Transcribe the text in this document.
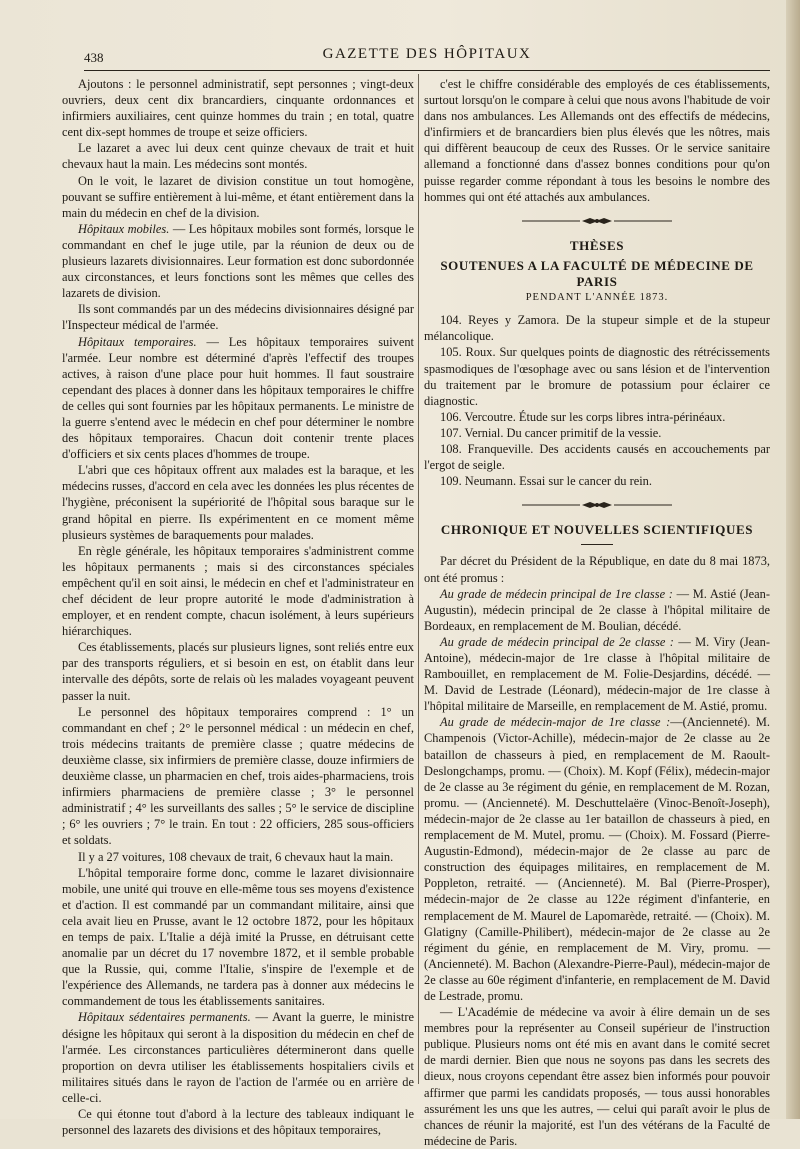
438	GAZETTE DES HÔPITAUX

Ajoutons : le personnel administratif, sept personnes ; vingt-deux ouvriers, deux cent dix brancardiers, cinquante ordonnances et infirmiers auxiliaires, cent quinze hommes du train ; en total, quatre cent dix-sept hommes de troupe et seize officiers.

Le lazaret a avec lui deux cent quinze chevaux de trait et huit chevaux haut la main. Les médecins sont montés.

On le voit, le lazaret de division constitue un tout homogène, pouvant se suffire entièrement à lui-même, et étant entièrement dans la main du médecin en chef de la division.

Hôpitaux mobiles. — Les hôpitaux mobiles sont formés, lorsque le commandant en chef le juge utile, par la réunion de deux ou de plusieurs lazarets divisionnaires. Leur formation est donc subordonnée aux circonstances, et leurs fonctions sont les mêmes que celles des lazarets de division.

Ils sont commandés par un des médecins divisionnaires désigné par l'Inspecteur médical de l'armée.

Hôpitaux temporaires. — Les hôpitaux temporaires suivent l'armée. Leur nombre est déterminé d'après l'effectif des troupes actives, à raison d'une place pour huit hommes. Il faut soustraire cependant des places à donner dans les hôpitaux temporaires le chiffre de celles qui sont fournies par les hôpitaux permanents. Le ministre de la guerre s'entend avec le médecin en chef pour déterminer le nombre des hôpitaux temporaires. Chacun doit contenir trente places d'officiers et six cents places d'hommes de troupe.

L'abri que ces hôpitaux offrent aux malades est la baraque, et les médecins russes, d'accord en cela avec les données les plus récentes de l'hygiène, préconisent la supériorité de l'hôpital sous baraque sur le grand hôpital en pierre. Ils expérimentent en ce moment même plusieurs systèmes de baraquements pour malades.

En règle générale, les hôpitaux temporaires s'administrent comme les hôpitaux permanents ; mais si des circonstances spéciales empêchent qu'il en soit ainsi, le médecin en chef et l'administrateur en chef décident de leur propre autorité le mode d'administration à employer, et en rendent compte, chacun isolément, à leurs supérieurs hiérarchiques.

Ces établissements, placés sur plusieurs lignes, sont reliés entre eux par des transports réguliers, et si besoin en est, on établit dans leur intervalle des dépôts, sorte de relais où les malades voyageant peuvent passer la nuit.

Le personnel des hôpitaux temporaires comprend : 1° un commandant en chef ; 2° le personnel médical : un médecin en chef, trois médecins traitants de première classe ; quatre médecins de deuxième classe, six infirmiers de première classe, douze infirmiers de deuxième classe, un pharmacien en chef, trois aides-pharmaciens, trois infirmiers pharmaciens de première classe ; 3° le personnel administratif ; 4° les surveillants des salles ; 5° le service de discipline ; 6° les ouvriers ; 7° le train. En tout : 22 officiers, 285 sous-officiers et soldats.

Il y a 27 voitures, 108 chevaux de trait, 6 chevaux haut la main.

L'hôpital temporaire forme donc, comme le lazaret divisionnaire mobile, une unité qui trouve en elle-même tous ses moyens d'existence et d'action. Il est commandé par un commandant militaire, ainsi que cela avait lieu en Prusse, avant le 12 octobre 1872, pour les hôpitaux en temps de paix. L'Italie a déjà imité la Prusse, en détruisant cette anomalie par un décret du 17 novembre 1872, et il semble probable que la Russie, qui, comme l'Italie, s'inspire de l'exemple et de l'expérience des Allemands, ne tardera pas à donner aux médecins le commandement de tous les établissements sanitaires.

Hôpitaux sédentaires permanents. — Avant la guerre, le ministre désigne les hôpitaux qui seront à la disposition du médecin en chef de l'armée. Les circonstances particulières détermineront dans quelle proportion on devra utiliser les établissements hospitaliers civils et militaires situés dans le rayon de l'action de l'armée ou en arrière de celle-ci.

Ce qui étonne tout d'abord à la lecture des tableaux indiquant le personnel des lazarets des divisions et des hôpitaux temporaires,

c'est le chiffre considérable des employés de ces établissements, surtout lorsqu'on le compare à celui que nous avons l'habitude de voir dans nos ambulances. Les Allemands ont des effectifs de médecins, d'infirmiers et de brancardiers bien plus élevés que les nôtres, mais qui diffèrent beaucoup de ceux des Russes. Or le service sanitaire allemand a fonctionné dans d'assez bonnes conditions pour qu'on puisse regarder comme répondant à tous les besoins le nombre des hommes qui ont été attachés aux ambulances.

THÈSES

SOUTENUES A LA FACULTÉ DE MÉDECINE DE PARIS

PENDANT L'ANNÉE 1873.

104. Reyes y Zamora. De la stupeur simple et de la stupeur mélancolique.

105. Roux. Sur quelques points de diagnostic des rétrécissements spasmodiques de l'œsophage avec ou sans lésion et de l'intervention du traitement par le bromure de potassium pour éclairer ce diagnostic.

106. Vercoutre. Étude sur les corps libres intra-périnéaux.

107. Vernial. Du cancer primitif de la vessie.

108. Franqueville. Des accidents causés en accouchements par l'ergot de seigle.

109. Neumann. Essai sur le cancer du rein.

CHRONIQUE ET NOUVELLES SCIENTIFIQUES

Par décret du Président de la République, en date du 8 mai 1873, ont été promus :

Au grade de médecin principal de 1re classe : — M. Astié (Jean-Augustin), médecin principal de 2e classe à l'hôpital militaire de Bordeaux, en remplacement de M. Boulian, décédé.

Au grade de médecin principal de 2e classe : — M. Viry (Jean-Antoine), médecin-major de 1re classe à l'hôpital militaire de Rambouillet, en remplacement de M. Folie-Desjardins, décédé. — M. David de Lestrade (Léonard), médecin-major de 1re classe à l'hôpital militaire de Marseille, en remplacement de M. Astié, promu.

Au grade de médecin-major de 1re classe :—(Ancienneté). M. Champenois (Victor-Achille), médecin-major de 2e classe au 2e bataillon de chasseurs à pied, en remplacement de M. Raoult-Deslongchamps, promu. — (Choix). M. Kopf (Félix), médecin-major de 2e classe au 3e régiment du génie, en remplacement de M. Rozan, promu. — (Ancienneté). M. Deschuttelaëre (Vinoc-Benoît-Joseph), médecin-major de 2e classe au 1er bataillon de chasseurs à pied, en remplacement de M. Mutel, promu. — (Choix). M. Fossard (Pierre-Augustin-Edmond), médecin-major de 2e classe au parc de construction des équipages militaires, en remplacement de M. Poppleton, retraité. — (Ancienneté). M. Bal (Pierre-Prosper), médecin-major de 2e classe au 122e régiment d'infanterie, en remplacement de M. Maurel de Lapomarède, retraité. — (Choix). M. Glatigny (Camille-Philibert), médecin-major de 2e classe au 2e régiment du génie, en remplacement de M. Viry, promu. — (Ancienneté). M. Bachon (Alexandre-Pierre-Paul), médecin-major de 2e classe au 60e régiment d'infanterie, en remplacement de M. David de Lestrade, promu.

— L'Académie de médecine va avoir à élire demain un de ses membres pour la représenter au Conseil supérieur de l'instruction publique. Plusieurs noms ont été mis en avant dans le comité secret de mardi dernier. Bien que nous ne soyons pas dans les secrets des dieux, nous croyons cependant être assez bien informés pour pouvoir affirmer que parmi les candidats proposés, — tous aussi honorables assurément les uns que les autres, — celui qui paraît avoir le plus de chances de réunir la majorité, est l'un des vétérans de la Faculté de médecine de Paris.
